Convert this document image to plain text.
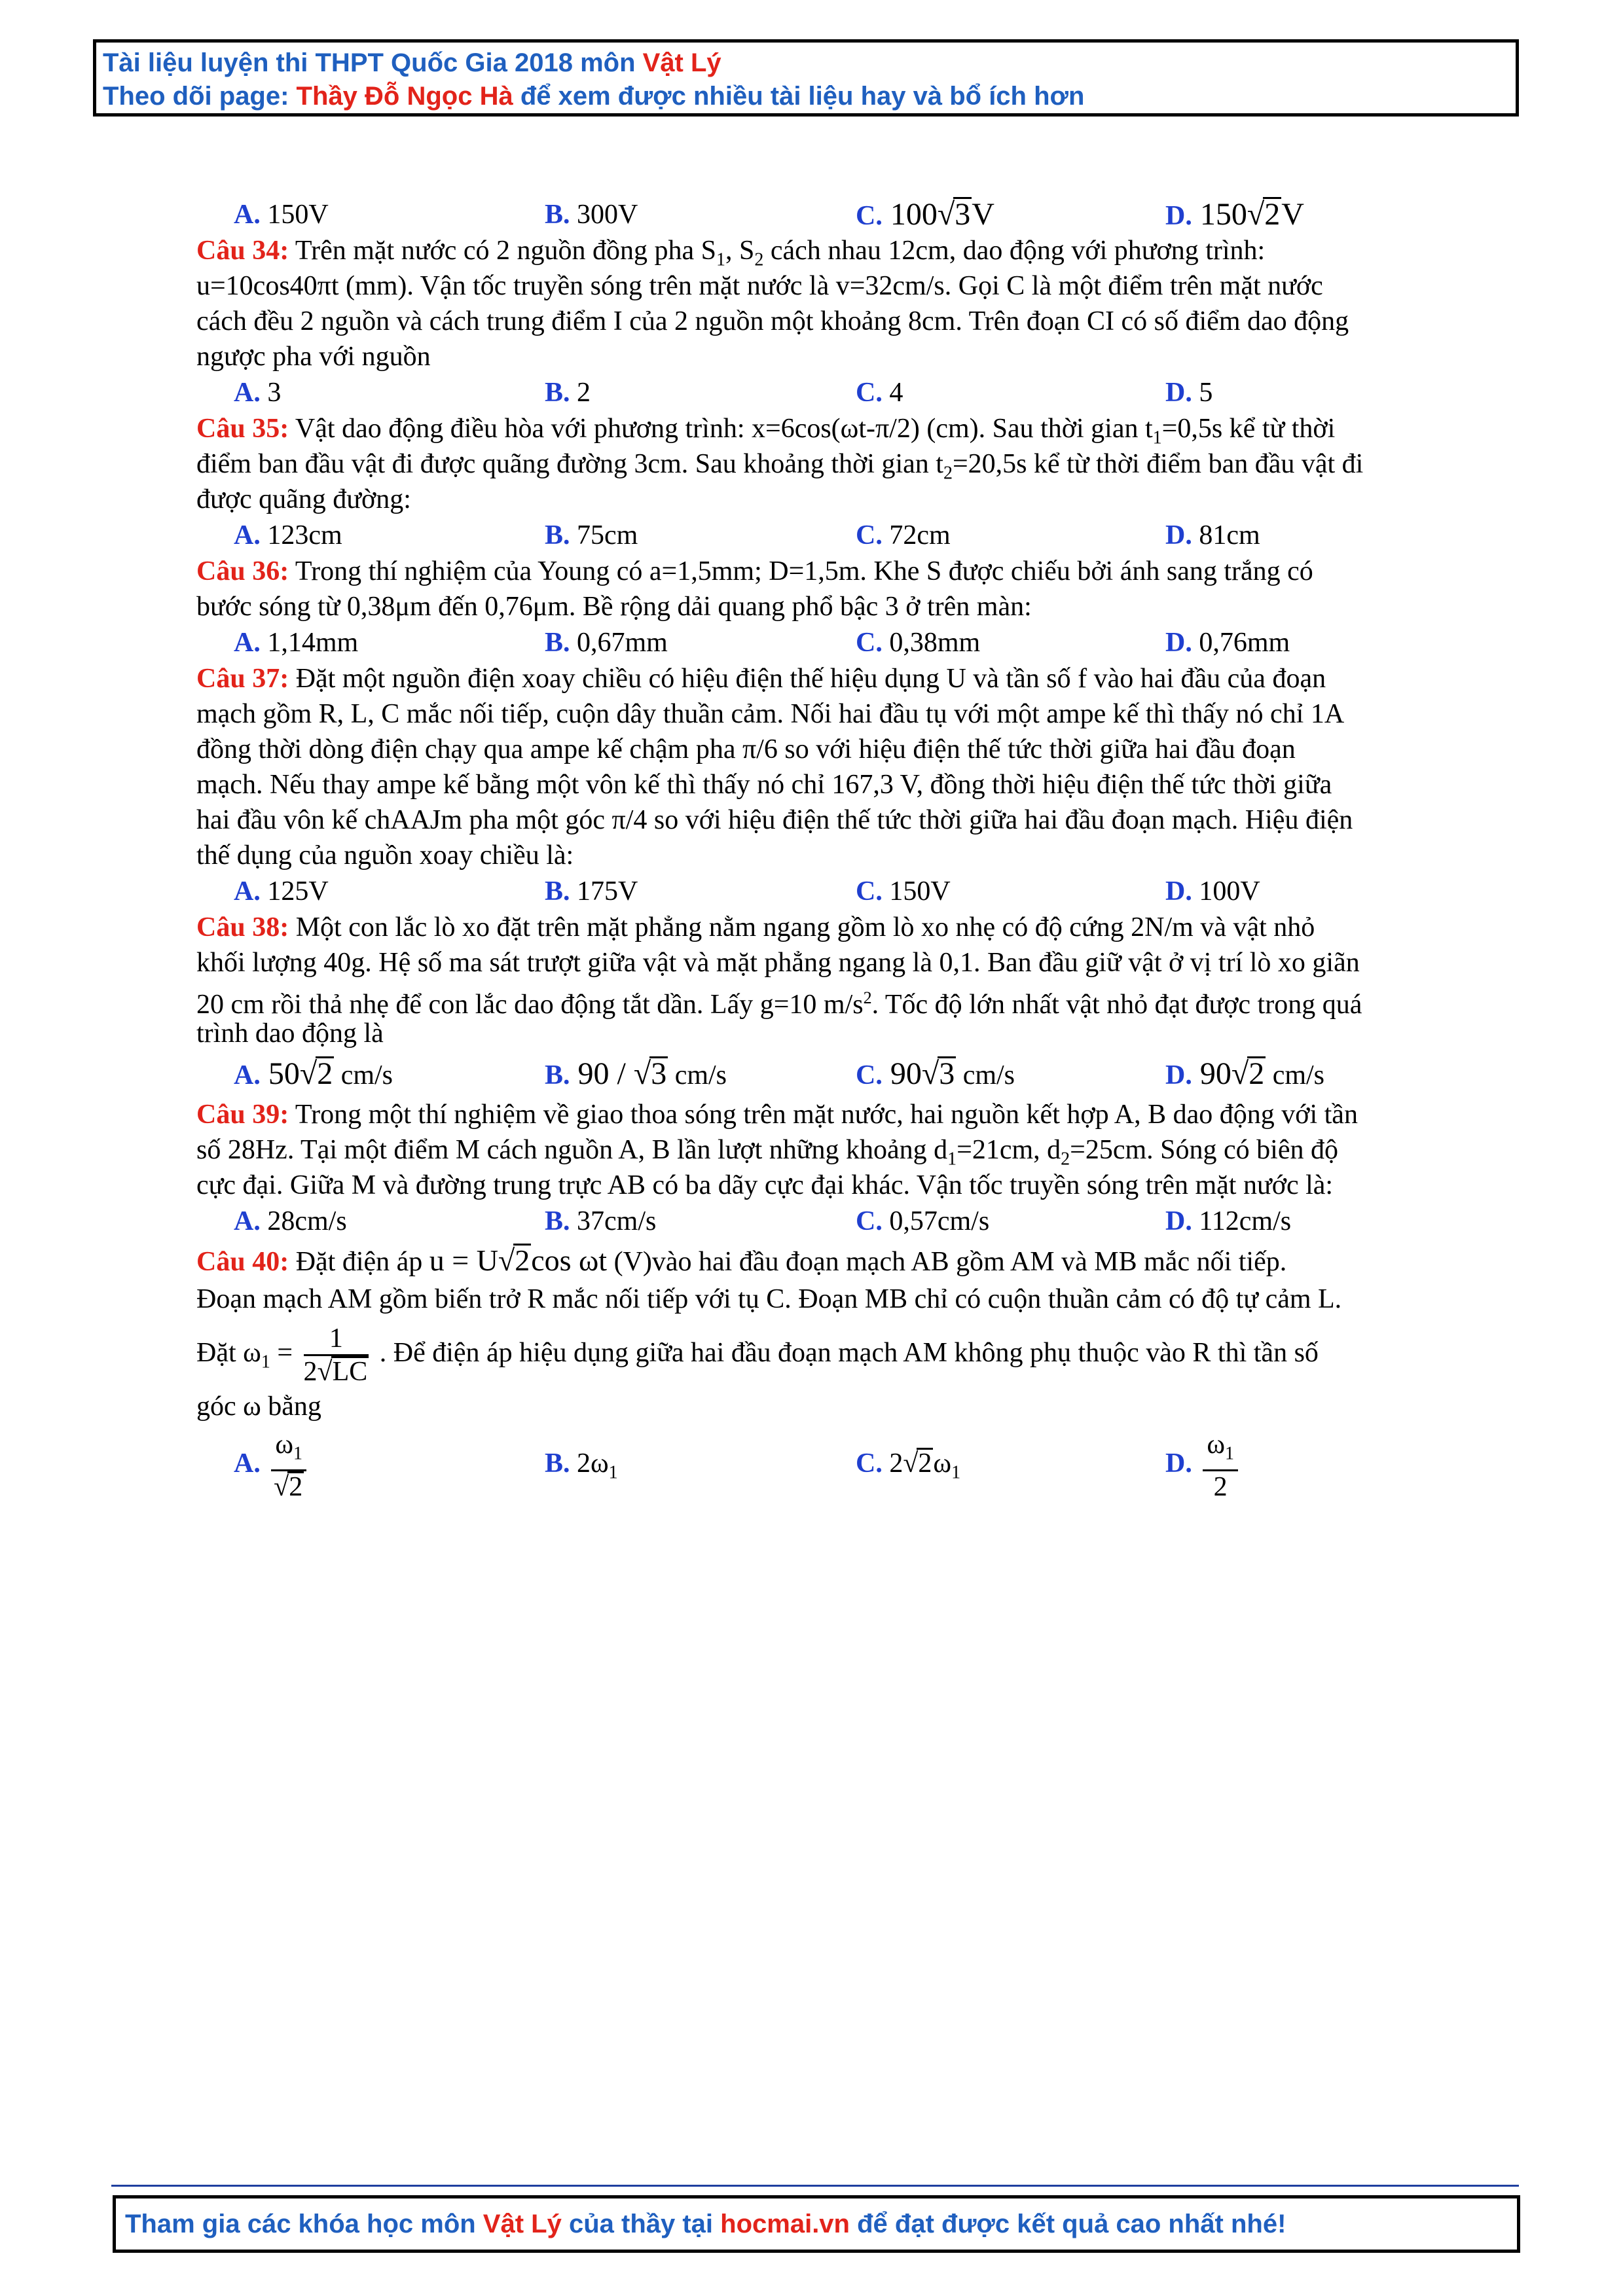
Tài liệu luyện thi THPT Quốc Gia 2018 môn Vật Lý
Theo dõi page: Thầy Đỗ Ngọc Hà để xem được nhiều tài liệu hay và bổ ích hơn
A. 150V	B. 300V	C. 100√3V	D. 150√2V
Câu 34: Trên mặt nước có 2 nguồn đồng pha $S_1$, $S_2$ cách nhau 12cm, dao động với phương trình:
u=10cos40πt (mm). Vận tốc truyền sóng trên mặt nước là v=32cm/s. Gọi C là một điểm trên mặt nước
cách đều 2 nguồn và cách trung điểm I của 2 nguồn một khoảng 8cm. Trên đoạn CI có số điểm dao động
ngược pha với nguồn
A. 3	B. 2	C. 4	D. 5
Câu 35: Vật dao động điều hòa với phương trình: x=6cos(ωt-π/2) (cm). Sau thời gian $t_1=0,5s$ kể từ thời
điểm ban đầu vật đi được quãng đường 3cm. Sau khoảng thời gian $t_2=20,5s$ kể từ thời điểm ban đầu vật đi
được quãng đường:
A. 123cm	B. 75cm	C. 72cm	D. 81cm
Câu 36: Trong thí nghiệm của Young có a=1,5mm; D=1,5m. Khe S được chiếu bởi ánh sang trắng có
bước sóng từ 0,38μm đến 0,76μm. Bề rộng dải quang phổ bậc 3 ở trên màn:
A. 1,14mm	B. 0,67mm	C. 0,38mm	D. 0,76mm
Câu 37: Đặt một nguồn điện xoay chiều có hiệu điện thế hiệu dụng U và tần số f vào hai đầu của đoạn
mạch gồm R, L, C mắc nối tiếp, cuộn dây thuần cảm. Nối hai đầu tụ với một ampe kế thì thấy nó chỉ 1A
đồng thời dòng điện chạy qua ampe kế chậm pha π/6 so với hiệu điện thế tức thời giữa hai đầu đoạn
mạch. Nếu thay ampe kế bằng một vôn kế thì thấy nó chỉ 167,3 V, đồng thời hiệu điện thế tức thời giữa
hai đầu vôn kế chAAJm pha một góc π/4 so với hiệu điện thế tức thời giữa hai đầu đoạn mạch. Hiệu điện
thế dụng của nguồn xoay chiều là:
A. 125V	B. 175V	C. 150V	D. 100V
Câu 38: Một con lắc lò xo đặt trên mặt phẳng nằm ngang gồm lò xo nhẹ có độ cứng 2N/m và vật nhỏ
khối lượng 40g. Hệ số ma sát trượt giữa vật và mặt phẳng ngang là 0,1. Ban đầu giữ vật ở vị trí lò xo giãn
20 cm rồi thả nhẹ để con lắc dao động tắt dần. Lấy g=10 $m/s^2$. Tốc độ lớn nhất vật nhỏ đạt được trong quá
trình dao động là
A. 50√2 cm/s	B. 90 / √3 cm/s	C. 90√3 cm/s	D. 90√2 cm/s
Câu 39: Trong một thí nghiệm về giao thoa sóng trên mặt nước, hai nguồn kết hợp A, B dao động với tần
số 28Hz. Tại một điểm M cách nguồn A, B lần lượt những khoảng $d_1=21cm$, $d_2=25cm$. Sóng có biên độ
cực đại. Giữa M và đường trung trực AB có ba dãy cực đại khác. Vận tốc truyền sóng trên mặt nước là:
A. 28cm/s	B. 37cm/s	C. 0,57cm/s	D. 112cm/s
Câu 40: Đặt điện áp u = U√2cos ωt (V)vào hai đầu đoạn mạch AB gồm AM và MB mắc nối tiếp.
Đoạn mạch AM gồm biến trở R mắc nối tiếp với tụ C. Đoạn MB chỉ có cuộn thuần cảm có độ tự cảm L.
Đặt $\omega_1 = \frac{1}{2√LC}$ . Để điện áp hiệu dụng giữa hai đầu đoạn mạch AM không phụ thuộc vào R thì tần số
góc ω bằng
A. $\frac{\omega_1}{√2}$	B. $2\omega_1$	C. $2√2\omega_1$	D. $\frac{\omega_1}{2}$
Tham gia các khóa học môn Vật Lý của thầy tại hocmai.vn để đạt được kết quả cao nhất nhé!
